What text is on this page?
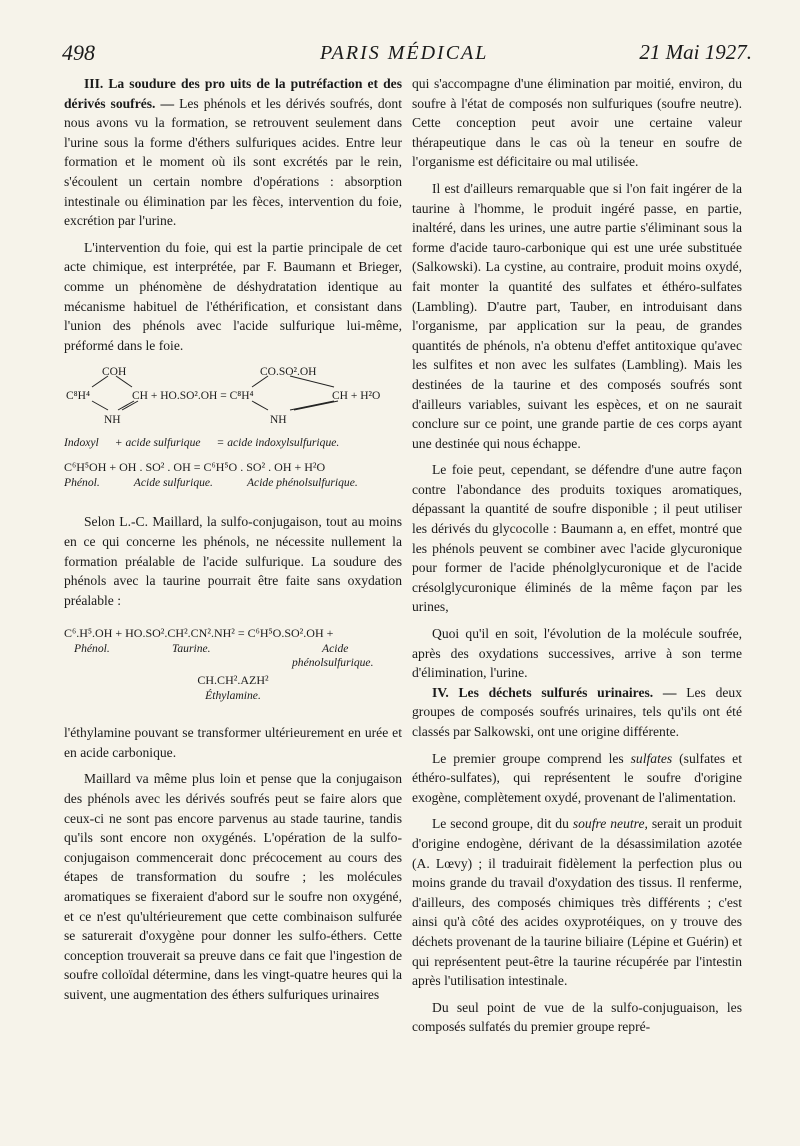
498	PARIS MÉDICAL	21 Mai 1927.

III. La soudure des pro uits de la putréfaction et des dérivés soufrés. — Les phénols et les dérivés soufrés, dont nous avons vu la formation, se retrouvent seulement dans l'urine sous la forme d'éthers sulfuriques acides. Entre leur formation et le moment où ils sont excrétés par le rein, s'écoulent un certain nombre d'opérations : absorption intestinale ou élimination par les fèces, intervention du foie, excrétion par l'urine.

L'intervention du foie, qui est la partie principale de cet acte chimique, est interprétée, par F. Baumann et Brieger, comme un phénomène de déshydratation identique au mécanisme habituel de l'éthérification, et consistant dans l'union des phénols avec l'acide sulfurique lui-même, préformé dans le foie.

COH
C⁸H⁴	CH + HO.SO².OH = C⁸H⁴
NH
CO.SO².OH
CH + H²O
NH
Indoxyl + acide sulfurique = acide indoxylsulfurique.
C⁶H⁵OH + OH . SO² . OH = C⁶H⁵O . SO² . OH + H²O
Phénol.	Acide sulfurique.	Acide phénolsulfurique.

Selon L.-C. Maillard, la sulfo-conjugaison, tout au moins en ce qui concerne les phénols, ne nécessite nullement la formation préalable de l'acide sulfurique. La soudure des phénols avec la taurine pourrait être faite sans oxydation préalable :

C⁶.H⁵.OH + HO.SO².CH².CN².NH² = C⁶H⁵O.SO².OH +
Phénol.	Taurine.	Acide
phénolsulfurique.
CH.CH².AZH²
Éthylamine.

l'éthylamine pouvant se transformer ultérieurement en urée et en acide carbonique.

Maillard va même plus loin et pense que la conjugaison des phénols avec les dérivés soufrés peut se faire alors que ceux-ci ne sont pas encore parvenus au stade taurine, tandis qu'ils sont encore non oxygénés. L'opération de la sulfo-conjugaison commencerait donc précocement au cours des étapes de transformation du soufre ; les molécules aromatiques se fixeraient d'abord sur le soufre non oxygéné, et ce n'est qu'ultérieurement que cette combinaison sulfurée se saturerait d'oxygène pour donner les sulfo-éthers. Cette conception trouverait sa preuve dans ce fait que l'ingestion de soufre colloïdal détermine, dans les vingt-quatre heures qui la suivent, une augmentation des éthers sulfuriques urinaires

qui s'accompagne d'une élimination par moitié, environ, du soufre à l'état de composés non sulfuriques (soufre neutre). Cette conception peut avoir une certaine valeur thérapeutique dans le cas où la teneur en soufre de l'organisme est déficitaire ou mal utilisée.

Il est d'ailleurs remarquable que si l'on fait ingérer de la taurine à l'homme, le produit ingéré passe, en partie, inaltéré, dans les urines, une autre partie s'éliminant sous la forme d'acide tauro-carbonique qui est une urée substituée (Salkowski). La cystine, au contraire, produit moins oxydé, fait monter la quantité des sulfates et éthéro-sulfates (Lambling). D'autre part, Tauber, en introduisant dans l'organisme, par application sur la peau, de grandes quantités de phénols, n'a obtenu d'effet antitoxique qu'avec les sulfites et non avec les sulfates (Lambling). Mais les destinées de la taurine et des composés soufrés sont d'ailleurs variables, suivant les espèces, et on ne saurait conclure sur ce point, une grande partie de ces corps ayant une destinée qui nous échappe.

Le foie peut, cependant, se défendre d'une autre façon contre l'abondance des produits toxiques aromatiques, dépassant la quantité de soufre disponible ; il peut utiliser les dérivés du glycocolle : Baumann a, en effet, montré que les phénols peuvent se combiner avec l'acide glycuronique pour former de l'acide phénolglycuronique et de l'acide crésolglycuronique éliminés de la même façon par les urines,

Quoi qu'il en soit, l'évolution de la molécule soufrée, après des oxydations successives, arrive à son terme d'élimination, l'urine.

IV. Les déchets sulfurés urinaires. — Les deux groupes de composés soufrés urinaires, tels qu'ils ont été classés par Salkowski, ont une origine différente.

Le premier groupe comprend les sulfates (sulfates et éthéro-sulfates), qui représentent le soufre d'origine exogène, complètement oxydé, provenant de l'alimentation.

Le second groupe, dit du soufre neutre, serait un produit d'origine endogène, dérivant de la désassimilation azotée (A. Lœvy) ; il traduirait fidèlement la perfection plus ou moins grande du travail d'oxydation des tissus. Il renferme, d'ailleurs, des composés chimiques très différents ; c'est ainsi qu'à côté des acides oxyprotéiques, on y trouve des déchets provenant de la taurine biliaire (Lépine et Guérin) et qui représentent peut-être la taurine récupérée par l'intestin après l'utilisation intestinale.

Du seul point de vue de la sulfo-conjuguaison, les composés sulfatés du premier groupe repré-
